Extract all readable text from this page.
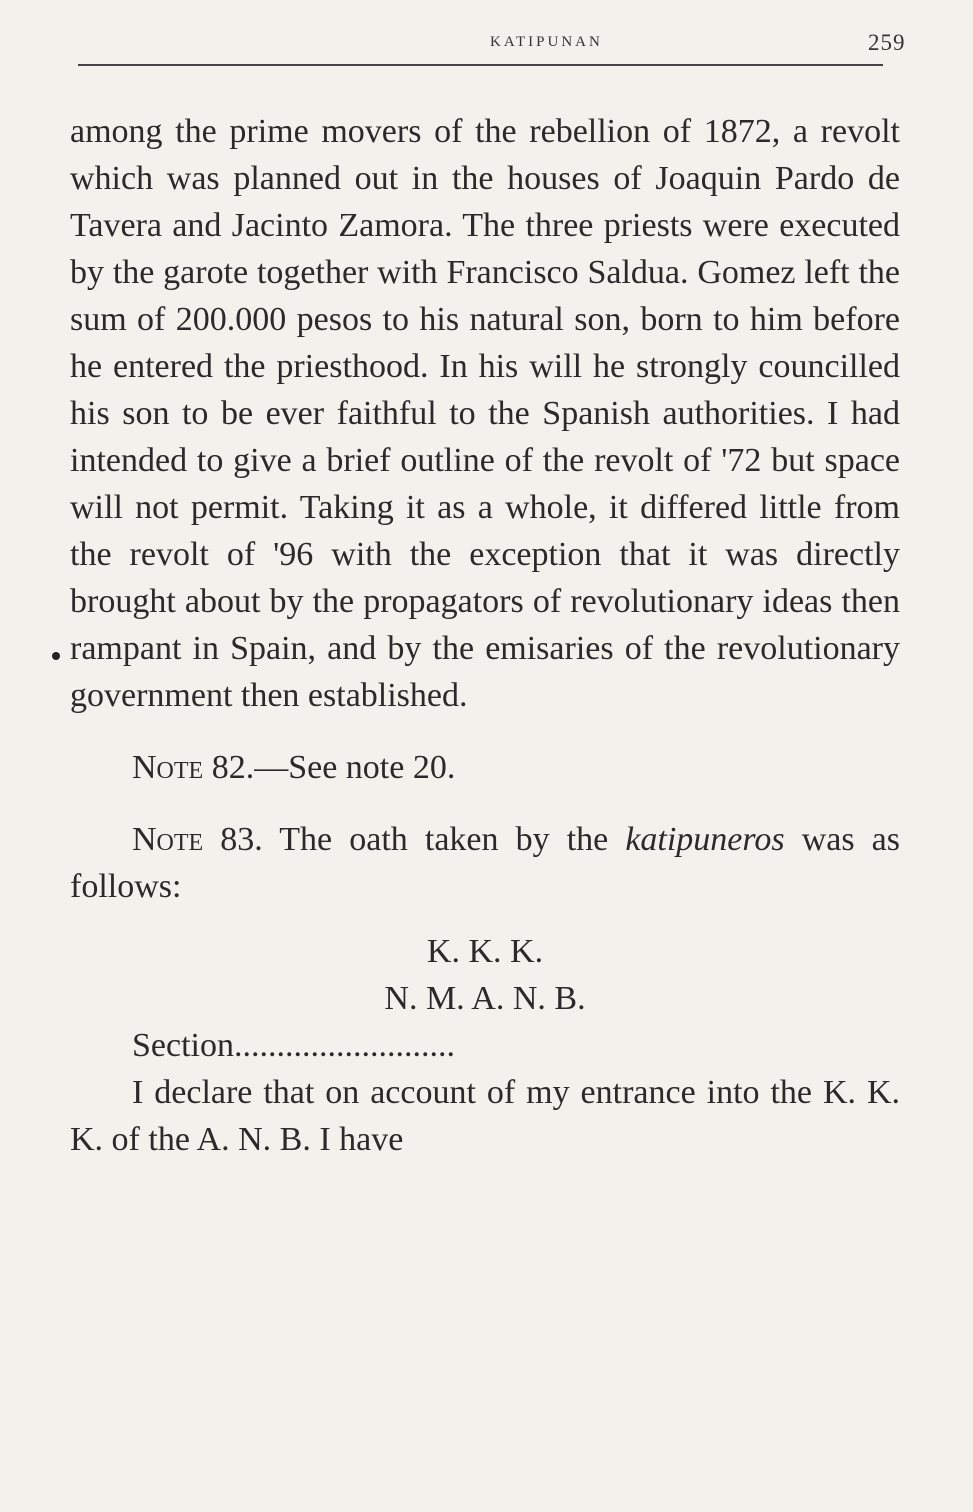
KATIPUNAN	259

among the prime movers of the rebellion of 1872, a revolt which was planned out in the houses of Joaquin Pardo de Tavera and Jacinto Zamora. The three priests were executed by the garote together with Francisco Saldua. Gomez left the sum of 200.000 pesos to his natural son, born to him before he entered the priesthood. In his will he strongly councilled his son to be ever faithful to the Spanish authorities. I had intended to give a brief outline of the revolt of '72 but space will not permit. Taking it as a whole, it differed little from the revolt of '96 with the exception that it was directly brought about by the propagators of revolutionary ideas then rampant in Spain, and by the emisaries of the revolutionary government then established.

Note 82.—See note 20.

Note 83. The oath taken by the katipuneros was as follows:

K. K. K.

N. M. A. N. B.

Section..........................

I declare that on account of my entrance into the K. K. K. of the A. N. B. I have
